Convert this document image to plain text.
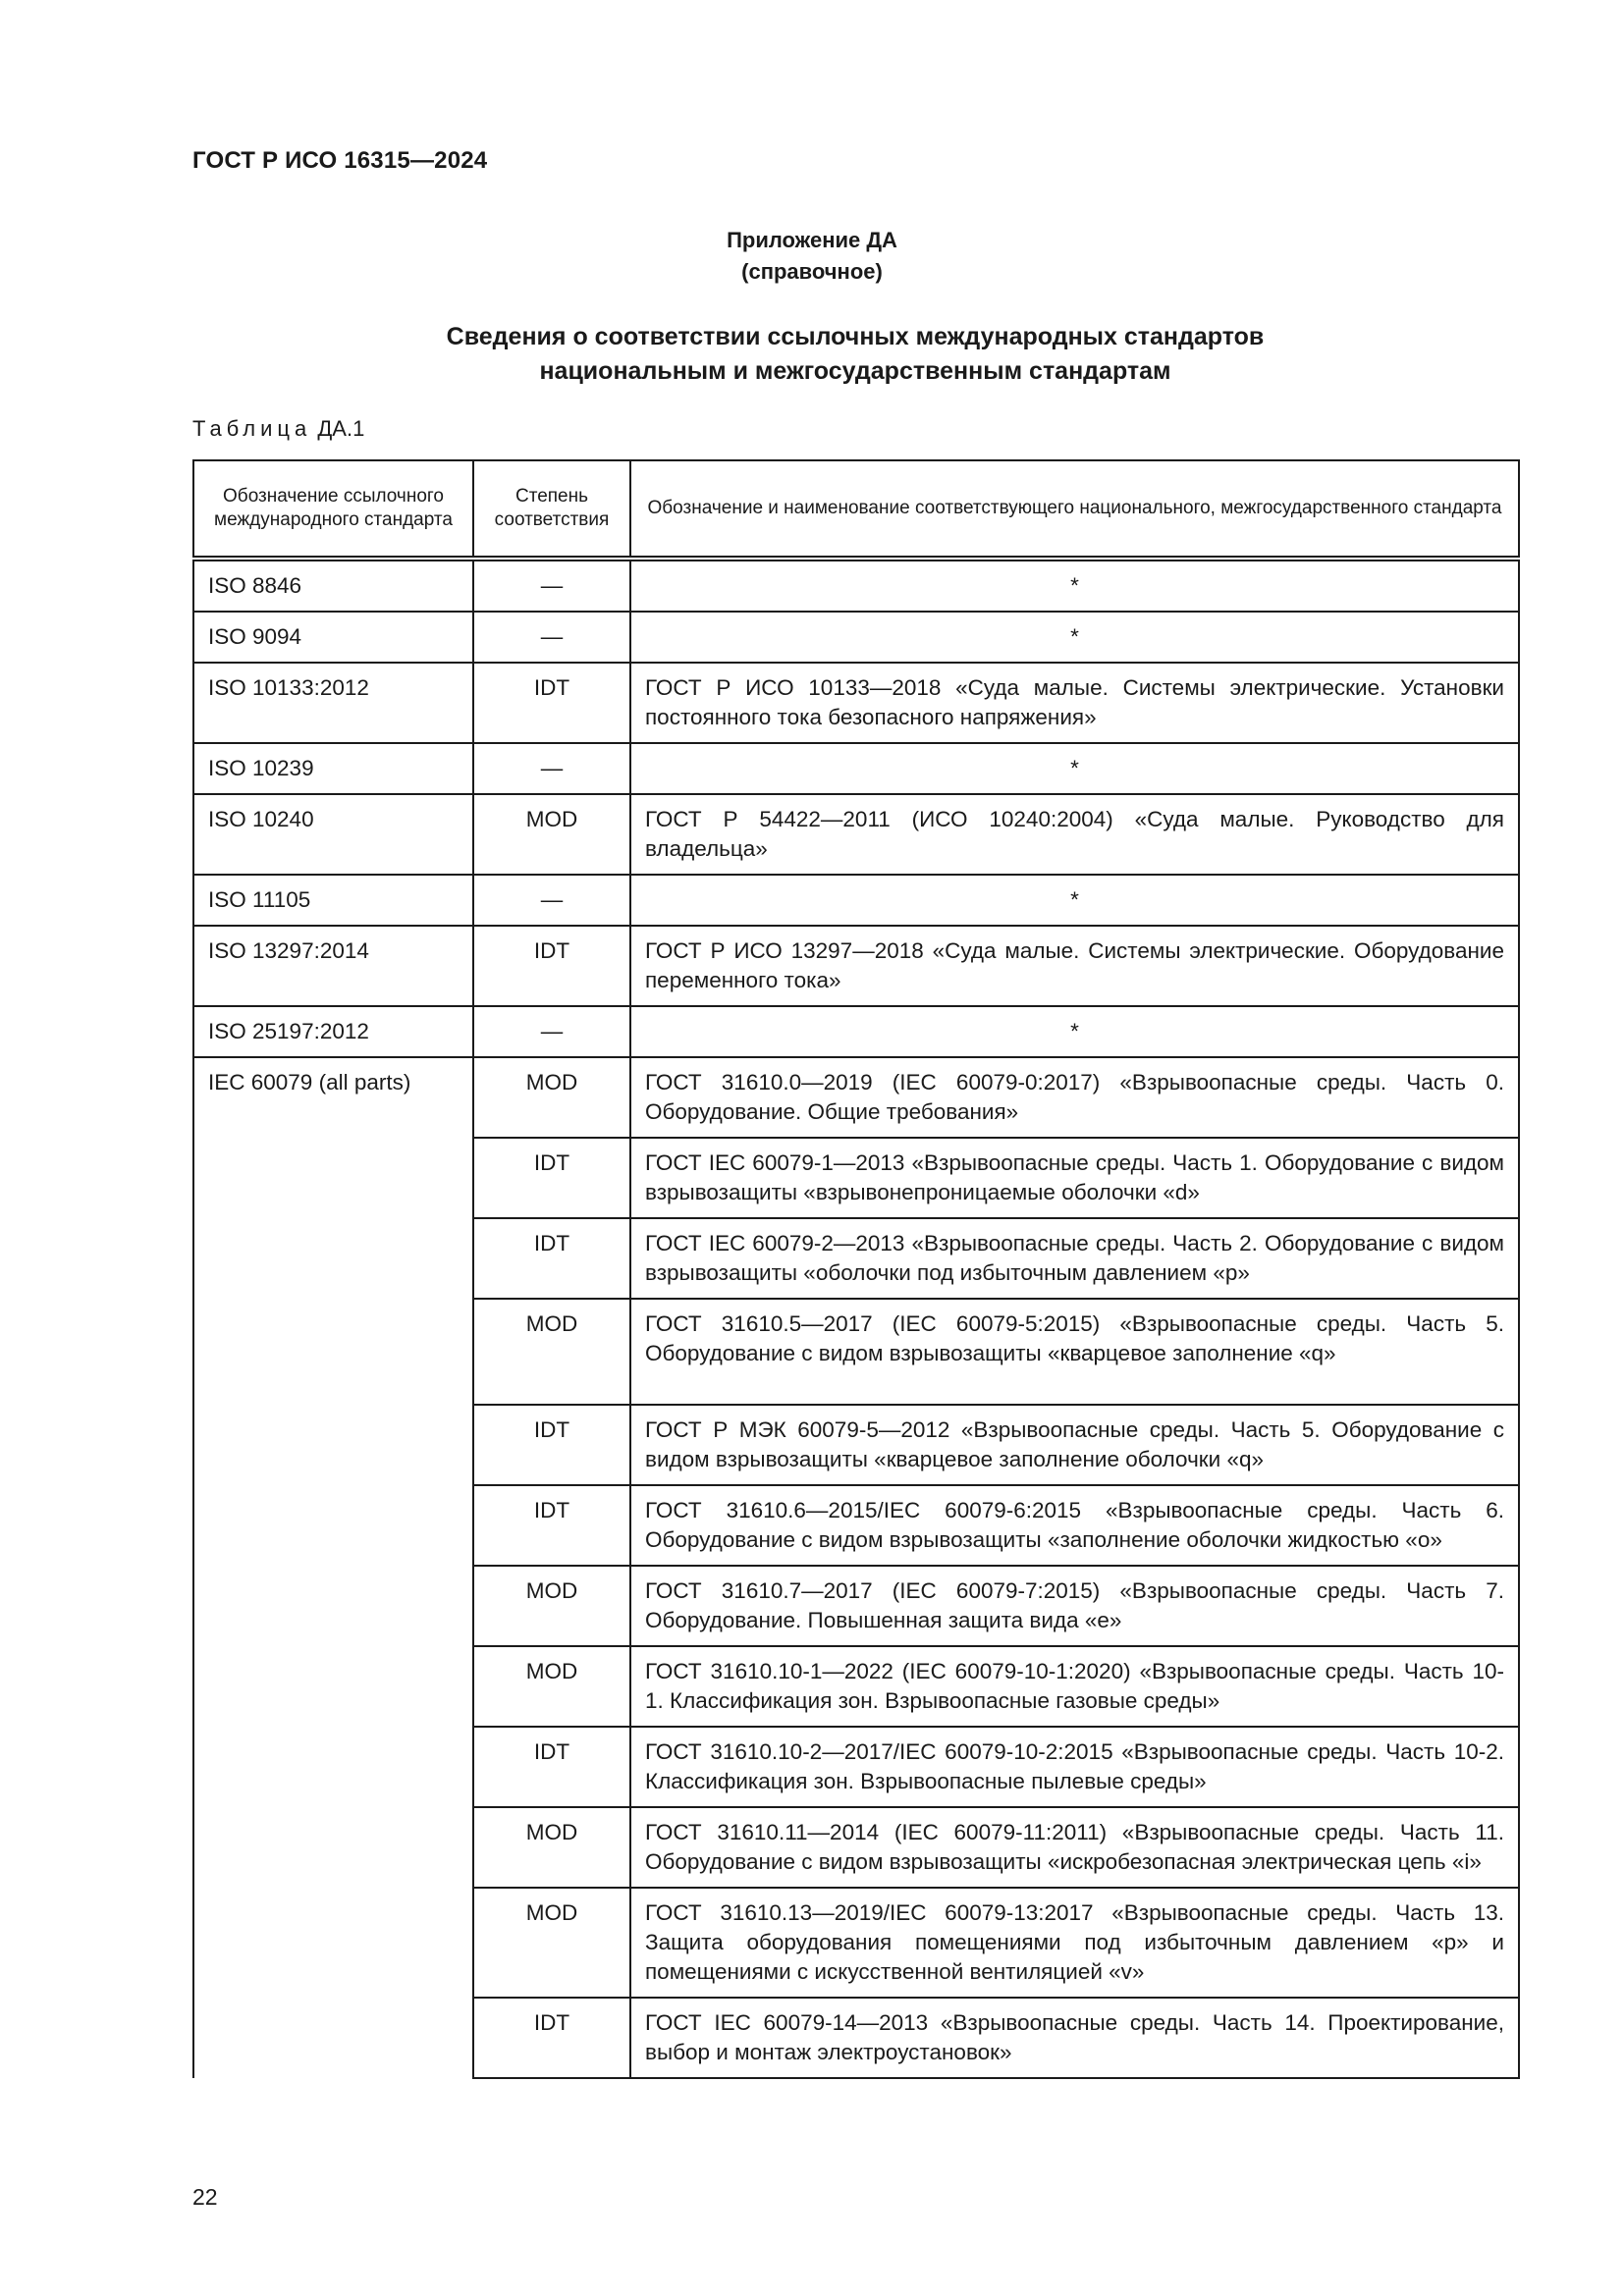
ГОСТ Р ИСО 16315—2024
Приложение ДА
(справочное)
Сведения о соответствии ссылочных международных стандартов
национальным и межгосударственным стандартам
Таблица ДА.1
Обозначение ссылочного международного стандарта	Степень соответствия	Обозначение и наименование соответствующего национального, межгосударственного стандарта
ISO 8846	—	*
ISO 9094	—	*
ISO 10133:2012	IDT	ГОСТ Р ИСО 10133—2018 «Суда малые. Системы электрические. Установки постоянного тока безопасного напряжения»
ISO 10239	—	*
ISO 10240	MOD	ГОСТ Р 54422—2011 (ИСО 10240:2004) «Суда малые. Руководство для владельца»
ISO 11105	—	*
ISO 13297:2014	IDT	ГОСТ Р ИСО 13297—2018 «Суда малые. Системы электрические. Оборудование переменного тока»
ISO 25197:2012	—	*
IEC 60079 (all parts)	MOD	ГОСТ 31610.0—2019 (IEC 60079-0:2017) «Взрывоопасные среды. Часть 0. Оборудование. Общие требования»
	IDT	ГОСТ IEC 60079-1—2013 «Взрывоопасные среды. Часть 1. Оборудование с видом взрывозащиты «взрывонепроницаемые оболочки «d»
	IDT	ГОСТ IEC 60079-2—2013 «Взрывоопасные среды. Часть 2. Оборудование с видом взрывозащиты «оболочки под избыточным давлением «p»
	MOD	ГОСТ 31610.5—2017 (IEC 60079-5:2015) «Взрывоопасные среды. Часть 5. Оборудование с видом взрывозащиты «кварцевое заполнение «q»
	IDT	ГОСТ Р МЭК 60079-5—2012 «Взрывоопасные среды. Часть 5. Оборудование с видом взрывозащиты «кварцевое заполнение оболочки «q»
	IDT	ГОСТ 31610.6—2015/IEC 60079-6:2015 «Взрывоопасные среды. Часть 6. Оборудование с видом взрывозащиты «заполнение оболочки жидкостью «о»
	MOD	ГОСТ 31610.7—2017 (IEC 60079-7:2015) «Взрывоопасные среды. Часть 7. Оборудование. Повышенная защита вида «е»
	MOD	ГОСТ 31610.10-1—2022 (IEC 60079-10-1:2020) «Взрывоопасные среды. Часть 10-1. Классификация зон. Взрывоопасные газовые среды»
	IDT	ГОСТ 31610.10-2—2017/IEC 60079-10-2:2015 «Взрывоопасные среды. Часть 10-2. Классификация зон. Взрывоопасные пылевые среды»
	MOD	ГОСТ 31610.11—2014 (IEC 60079-11:2011) «Взрывоопасные среды. Часть 11. Оборудование с видом взрывозащиты «искробезопасная электрическая цепь «i»
	MOD	ГОСТ 31610.13—2019/IEC 60079-13:2017 «Взрывоопасные среды. Часть 13. Защита оборудования помещениями под избыточным давлением «р» и помещениями с искусственной вентиляцией «v»
	IDT	ГОСТ IEC 60079-14—2013 «Взрывоопасные среды. Часть 14. Проектирование, выбор и монтаж электроустановок»
22
